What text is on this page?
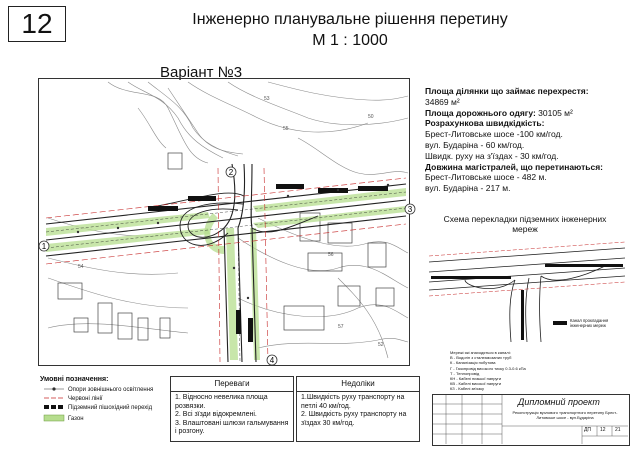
12	Інженерно планувальне рішення перетину
М 1 : 1000
Варіант №3
1
2
3
4
53
55
57
54
56
50
52
Площа ділянки що займає перехрестя:
34869 м²
Площа дорожнього одягу: 30105 м²
Розрахункова швидкідкість:
Брест-Литовське шосе -100 км/год.
вул. Бударіна - 60 км/год.
Швидк. руху на з'їздах - 30 км/год.
Довжина магістралей, що перетинаються:
Брест-Литовське шосе - 482 м.
вул. Бударіна - 217 м.
Схема перекладки підземних інженерних мереж
Канал прокладання інженерних мереж
Мережі які знаходяться в каналі:
В - Водогін з сталезмозаних труб
К - Каналізація побутова
Г - Газопровід високого тиску 0.3-0.6 кПа
Т - Теплопровід
КН - Кабелі низької напруги
КВ - Кабелі високої напруги
КЗ - Кабелі зв'язку
Умовні позначення:
Опори зовнішнього освітлення
Червоні лінії
Підземний пішохідний перехід
Газон
Переваги
1. Відносно невелика площа розвязки.
2. Всі зїзди відокремлені.
3. Влаштовані шлюзи гальмування і розгону.
Недоліки
1.Швидкість руху транспорту на петлі 40 км/год.
2. Швидкість руху транспорту на зїздах 30 км/год.
Дипломний проект
Реконструкція вузлового транспортного перетину Брест-Литовське шосе - вул.Бударіна
ДП 12 21
